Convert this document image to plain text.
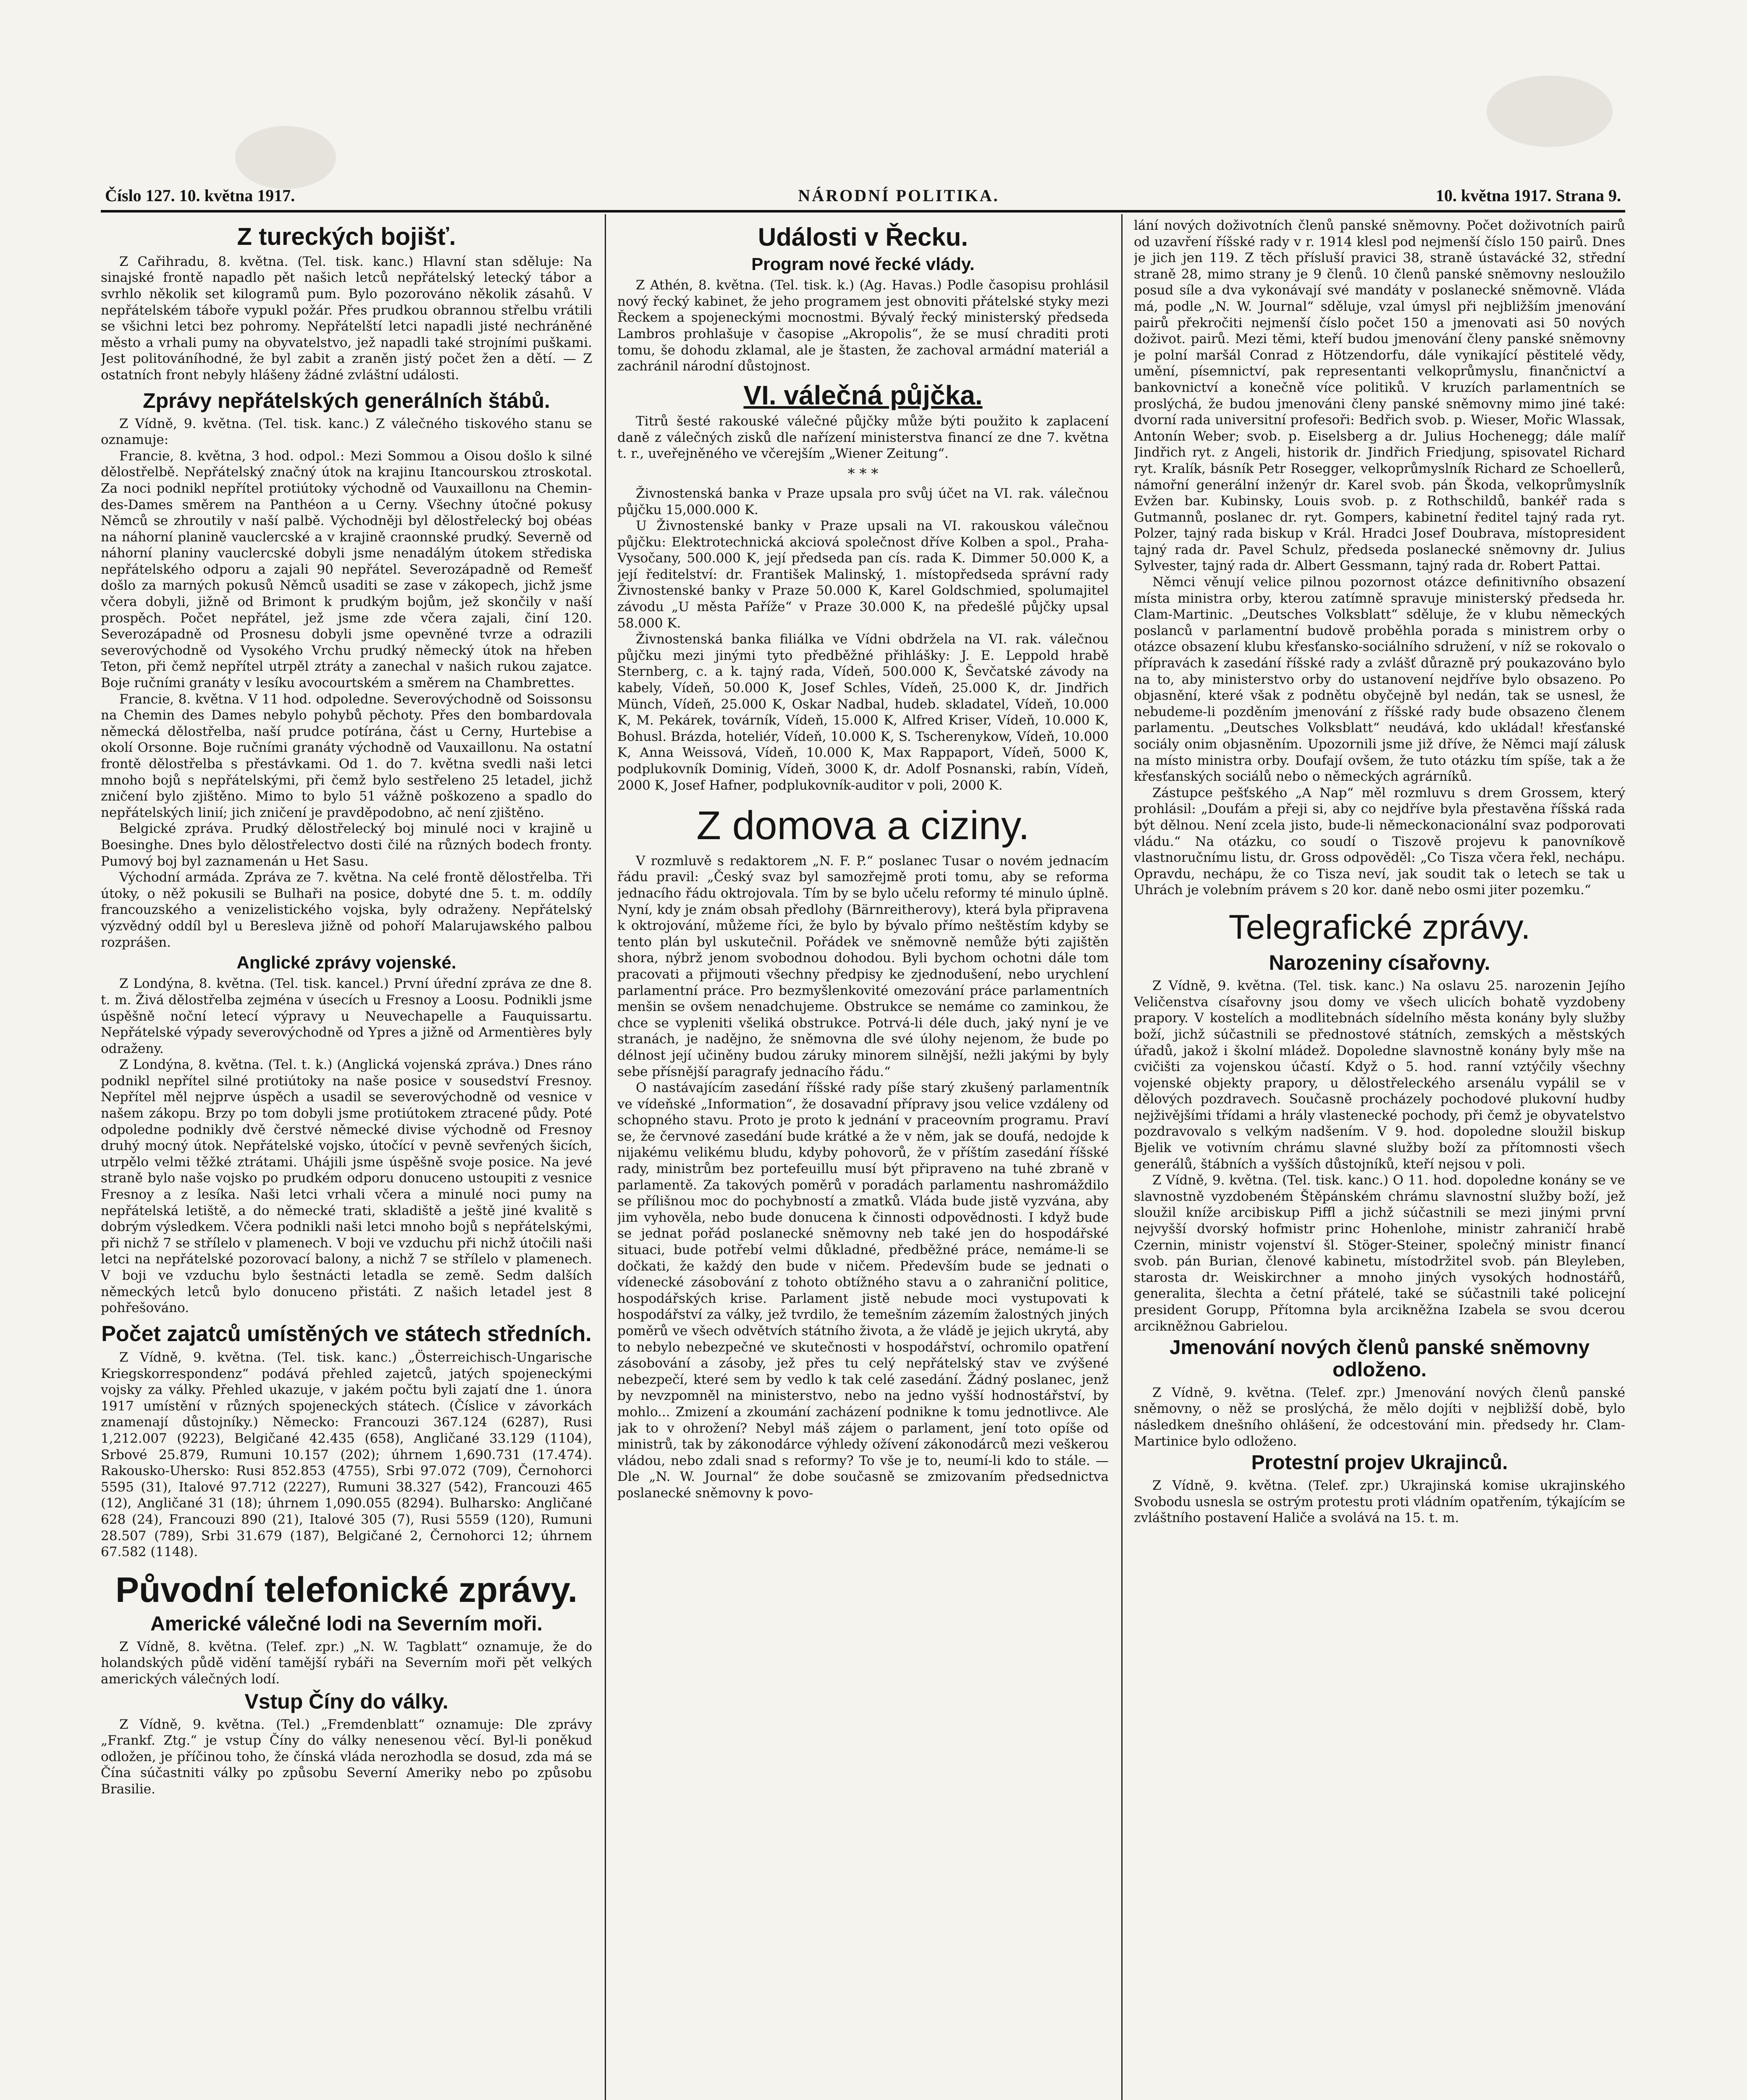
Číslo 127. 10. května 1917.	NÁRODNÍ POLITIKA.	10. května 1917. Strana 9.
Z tureckých bojišť.

Z Cařihradu, 8. května. (Tel. tisk. kanc.) Hlavní stan sděluje: Na sinajské frontě napadlo pět našich letců nepřátelský letecký tábor a svrhlo několik set kilogramů pum. Bylo pozorováno několik zásahů. V nepřátelském táboře vypukl požár. Přes prudkou obrannou střelbu vrátili se všichni letci bez pohromy. Nepřátelští letci napadli jisté nechráněné město a vrhali pumy na obyvatelstvo, jež napadli také strojními puškami. Jest politováníhodné, že byl zabit a zraněn jistý počet žen a dětí. — Z ostatních front nebyly hlášeny žádné zvláštní události.

Zprávy nepřátelských generálních štábů.

Z Vídně, 9. května. (Tel. tisk. kanc.) Z válečného tiskového stanu se oznamuje:

Francie, 8. května, 3 hod. odpol.: Mezi Sommou a Oisou došlo k silné dělostřelbě. Nepřátelský značný útok na krajinu Itancourskou ztroskotal. Za noci podnikl nepřítel protiútoky východně od Vauxaillonu na Chemin-des-Dames směrem na Panthéon a u Cerny. Všechny útočné pokusy Němců se zhroutily v naší palbě. Východněji byl dělostřelecký boj obéas na náhorní planině vauclercské a v krajině craonnské prudký. Severně od náhorní planiny vauclercské dobyli jsme nenadálým útokem střediska nepřátelského odporu a zajali 90 nepřátel. Severozápadně od Remešť došlo za marných pokusů Němců usaditi se zase v zákopech, jichž jsme včera dobyli, jižně od Brimont k prudkým bojům, jež skončily v naší prospěch. Počet nepřátel, jež jsme zde včera zajali, činí 120. Severozápadně od Prosnesu dobyli jsme opevněné tvrze a odrazili severovýchodně od Vysokého Vrchu prudký německý útok na hřeben Teton, při čemž nepřítel utrpěl ztráty a zanechal v našich rukou zajatce. Boje ručními granáty v lesíku avocourtském a směrem na Chambrettes.

Francie, 8. května. V 11 hod. odpoledne. Severovýchodně od Soissonsu na Chemin des Dames nebylo pohybů pěchoty. Přes den bombardovala německá dělostřelba, naší prudce potírána, část u Cerny, Hurtebise a okolí Orsonne. Boje ručními granáty východně od Vauxaillonu. Na ostatní frontě dělostřelba s přestávkami. Od 1. do 7. května svedli naši letci mnoho bojů s nepřátelskými, při čemž bylo sestřeleno 25 letadel, jichž zničení bylo zjištěno. Mimo to bylo 51 vážně poškozeno a spadlo do nepřátelských linií; jich zničení je pravděpodobno, ač není zjištěno.

Belgické zpráva. Prudký dělostřelecký boj minulé noci v krajině u Boesinghe. Dnes bylo dělostřelectvo dosti čilé na různých bodech fronty. Pumový boj byl zaznamenán u Het Sasu.

Východní armáda. Zpráva ze 7. května. Na celé frontě dělostřelba. Tři útoky, o něž pokusili se Bulhaři na posice, dobyté dne 5. t. m. oddíly francouzského a venizelistického vojska, byly odraženy. Nepřátelský výzvědný oddíl byl u Beresleva jižně od pohoří Malarujawského palbou rozprášen.

Anglické zprávy vojenské.

Z Londýna, 8. května. (Tel. tisk. kancel.) První úřední zpráva ze dne 8. t. m. Živá dělostřelba zejména v úsecích u Fresnoy a Loosu. Podnikli jsme úspěšně noční letecí výpravy u Neuvechapelle a Fauquissartu. Nepřátelské výpady severovýchodně od Ypres a jižně od Armentières byly odraženy.

Z Londýna, 8. května. (Tel. t. k.) (Anglická vojenská zpráva.) Dnes ráno podnikl nepřítel silné protiútoky na naše posice v sousedství Fresnoy. Nepřítel měl nejprve úspěch a usadil se severovýchodně od vesnice v našem zákopu. Brzy po tom dobyli jsme protiútokem ztracené půdy. Poté odpoledne podnikly dvě čerstvé německé divise východně od Fresnoy druhý mocný útok. Nepřátelské vojsko, útočící v pevně sevřených šicích, utrpělo velmi těžké ztrátami. Uhájili jsme úspěšně svoje posice. Na jevé straně bylo naše vojsko po prudkém odporu donuceno ustoupiti z vesnice Fresnoy a z lesíka. Naši letci vrhali včera a minulé noci pumy na nepřátelská letiště, a do německé trati, skladiště a ještě jiné kvalitě s dobrým výsledkem. Včera podnikli naši letci mnoho bojů s nepřátelskými, při nichž 7 se střílelo v plamenech. V boji ve vzduchu při nichž útočili naši letci na nepřátelské pozorovací balony, a nichž 7 se střílelo v plamenech. V boji ve vzduchu bylo šestnácti letadla se země. Sedm dalších německých letců bylo donuceno přistáti. Z našich letadel jest 8 pohřešováno.

Počet zajatců umístěných ve státech středních.

Z Vídně, 9. května. (Tel. tisk. kanc.) „Österreichisch-Ungarische Kriegskorrespondenz“ podává přehled zajetců, jatých spojeneckými vojsky za války. Přehled ukazuje, v jakém počtu byli zajatí dne 1. února 1917 umístění v různých spojeneckých státech. (Číslice v závorkách znamenají důstojníky.) Německo: Francouzi 367.124 (6287), Rusi 1,212.007 (9223), Belgičané 42.435 (658), Angličané 33.129 (1104), Srbové 25.879, Rumuni 10.157 (202); úhrnem 1,690.731 (17.474). Rakousko-Uhersko: Rusi 852.853 (4755), Srbi 97.072 (709), Černohorci 5595 (31), Italové 97.712 (2227), Rumuni 38.327 (542), Francouzi 465 (12), Angličané 31 (18); úhrnem 1,090.055 (8294). Bulharsko: Angličané 628 (24), Francouzi 890 (21), Italové 305 (7), Rusi 5559 (120), Rumuni 28.507 (789), Srbi 31.679 (187), Belgičané 2, Černohorci 12; úhrnem 67.582 (1148).

Původní telefonické zprávy.
Americké válečné lodi na Severním moři.

Z Vídně, 8. května. (Telef. zpr.) „N. W. Tagblatt“ oznamuje, že do holandských půdě vidění tamější rybáři na Severním moři pět velkých amerických válečných lodí.

Vstup Číny do války.

Z Vídně, 9. května. (Tel.) „Fremdenblatt“ oznamuje: Dle zprávy „Frankf. Ztg.“ je vstup Číny do války nenesenou věcí. Byl-li poněkud odložen, je příčinou toho, že čínská vláda nerozhodla se dosud, zda má se Čína súčastniti války po způsobu Severní Ameriky nebo po způsobu Brasilie.

Události v Řecku.
Program nové řecké vlády.

Z Athén, 8. května. (Tel. tisk. k.) (Ag. Havas.) Podle časopisu prohlásil nový řecký kabinet, že jeho programem jest obnoviti přátelské styky mezi Řeckem a spojeneckými mocnostmi. Bývalý řecký ministerský předseda Lambros prohlašuje v časopise „Akropolis“, že se musí chraditi proti tomu, še dohodu zklamal, ale je štasten, že zachoval armádní materiál a zachránil národní důstojnost.

VI. válečná půjčka.

Titrů šesté rakouské válečné půjčky může býti použito k zaplacení daně z válečných zisků dle nařízení ministerstva financí ze dne 7. května t. r., uveřejněného ve včerejším „Wiener Zeitung“.

* * *

Živnostenská banka v Praze upsala pro svůj účet na VI. rak. válečnou půjčku 15,000.000 K.

U Živnostenské banky v Praze upsali na VI. rakouskou válečnou půjčku: Elektrotechnická akciová společnost dříve Kolben a spol., Praha-Vysočany, 500.000 K, její předseda pan cís. rada K. Dimmer 50.000 K, a její ředitelství: dr. František Malinský, 1. místopředseda správní rady Živnostenské banky v Praze 50.000 K, Karel Goldschmied, spolumajitel závodu „U města Paříže“ v Praze 30.000 K, na předešlé půjčky upsal 58.000 K.

Živnostenská banka filiálka ve Vídni obdržela na VI. rak. válečnou půjčku mezi jinými tyto předběžné přihlášky: J. E. Leppold hrabě Sternberg, c. a k. tajný rada, Vídeň, 500.000 K, Ševčatské závody na kabely, Vídeň, 50.000 K, Josef Schles, Vídeň, 25.000 K, dr. Jindřich Münch, Vídeň, 25.000 K, Oskar Nadbal, hudeb. skladatel, Vídeň, 10.000 K, M. Pekárek, továrník, Vídeň, 15.000 K, Alfred Kriser, Vídeň, 10.000 K, Bohusl. Brázda, hoteliér, Vídeň, 10.000 K, S. Tscherenykow, Vídeň, 10.000 K, Anna Weissová, Vídeň, 10.000 K, Max Rappaport, Vídeň, 5000 K, podplukovník Dominig, Vídeň, 3000 K, dr. Adolf Posnanski, rabín, Vídeň, 2000 K, Josef Hafner, podplukovník-auditor v poli, 2000 K.

Z domova a ciziny.

V rozmluvě s redaktorem „N. F. P.“ poslanec Tusar o novém jednacím řádu pravil: „Český svaz byl samozřejmě proti tomu, aby se reforma jednacího řádu oktrojovala. Tím by se bylo učelu reformy té minulo úplně. Nyní, kdy je znám obsah předlohy (Bärnreitherovy), která byla připravena k oktrojování, můžeme říci, že bylo by bývalo přímo neštěstím kdyby se tento plán byl uskutečnil. Pořádek ve sněmovně nemůže býti zajištěn shora, nýbrž jenom svobodnou dohodou. Byli bychom ochotni dále tom pracovati a přijmouti všechny předpisy ke zjednodušení, nebo urychlení parlamentní práce. Pro bezmyšlenkovité omezování práce parlamentních menšin se ovšem nenadchujeme. Obstrukce se nemáme co zaminkou, že chce se vypleniti všeliká obstrukce. Potrvá-li déle duch, jaký nyní je ve stranách, je nadějno, že sněmovna dle své úlohy nejenom, že bude po délnost její učiněny budou záruky minorem silnější, nežli jakými by byly sebe přísnější paragrafy jednacího řádu.“

O nastávajícím zasedání říšské rady píše starý zkušený parlamentník ve vídeňské „Information“, že dosavadní přípravy jsou velice vzdáleny od schopného stavu. Proto je proto k jednání v praceovním programu. Praví se, že červnové zasedání bude krátké a že v něm, jak se doufá, nedojde k nijakému velikému bludu, kdyby pohovorů, že v příštím zasedání říšské rady, ministrům bez portefeuillu musí být připraveno na tuhé zbraně v parlamentě. Za takových poměrů v poradách parlamentu nashromáždilo se přílišnou moc do pochybností a zmatků. Vláda bude jistě vyzvána, aby jim vyhověla, nebo bude donucena k činnosti odpovědnosti. I když bude se jednat pořád poslanecké sněmovny neb také jen do hospodářské situaci, bude potřebí velmi důkladné, předběžné práce, nemáme-li se dočkati, že každý den bude v ničem. Především bude se jednati o vídenecké zásobování z tohoto obtížného stavu a o zahraniční politice, hospodářských krise. Parlament jistě nebude moci vystupovati k hospodářství za války, jež tvrdilo, že temešním zázemím žalostných jiných poměrů ve všech odvětvích státního života, a že vládě je jejich ukrytá, aby to nebylo nebezpečné ve skutečnosti v hospodářství, ochromilo opatření zásobování a zásoby, jež přes tu celý nepřátelský stav ve zvýšené nebezpečí, které sem by vedlo k tak celé zasedání. Žádný poslanec, jenž by nevzpomněl na ministerstvo, nebo na jedno vyšší hodnostářství, by mohlo... Zmizení a zkoumání zacházení podnikne k tomu jednotlivce. Ale jak to v ohrožení? Nebyl máš zájem o parlament, jení toto opíše od ministrů, tak by zákonodárce výhledy ožívení zákonodárců mezi veškerou vládou, nebo zdali snad s reformy? To vše je to, neumí-li kdo to stále. — Dle „N. W. Journal“ že dobe současně se zmizovaním předsednictva poslanecké sněmovny k povo-

lání nových doživotních členů panské sněmovny. Počet doživotních pairů od uzavření říšské rady v r. 1914 klesl pod nejmenší číslo 150 pairů. Dnes je jich jen 119. Z těch přísluší pravici 38, straně ústavácké 32, střední straně 28, mimo strany je 9 členů. 10 členů panské sněmovny nesloužilo posud síle a dva vykonávají své mandáty v poslanecké sněmovně. Vláda má, podle „N. W. Journal“ sděluje, vzal úmysl při nejbližším jmenování pairů překročiti nejmenší číslo počet 150 a jmenovati asi 50 nových doživot. pairů. Mezi těmi, kteří budou jmenování členy panské sněmovny je polní maršál Conrad z Hötzendorfu, dále vynikající pěstitelé vědy, umění, písemnictví, pak representanti velkoprůmyslu, finančnictví a bankovnictví a konečně více politiků. V kruzích parlamentních se proslýchá, že budou jmenováni členy panské sněmovny mimo jiné také: dvorní rada universitní profesoři: Bedřich svob. p. Wieser, Mořic Wlassak, Antonín Weber; svob. p. Eiselsberg a dr. Julius Hochenegg; dále malíř Jindřich ryt. z Angeli, historik dr. Jindřich Friedjung, spisovatel Richard ryt. Kralík, básník Petr Rosegger, velkoprůmyslník Richard ze Schoellerů, námořní generální inženýr dr. Karel svob. pán Škoda, velkoprůmyslník Evžen bar. Kubinsky, Louis svob. p. z Rothschildů, bankéř rada s Gutmannů, poslanec dr. ryt. Gompers, kabinetní ředitel tajný rada ryt. Polzer, tajný rada biskup v Král. Hradci Josef Doubrava, místopresident tajný rada dr. Pavel Schulz, předseda poslanecké sněmovny dr. Julius Sylvester, tajný rada dr. Albert Gessmann, tajný rada dr. Robert Pattai.

Němci věnují velice pilnou pozornost otázce definitivního obsazení místa ministra orby, kterou zatímně spravuje ministerský předseda hr. Clam-Martinic. „Deutsches Volksblatt“ sděluje, že v klubu německých poslanců v parlamentní budově proběhla porada s ministrem orby o otázce obsazení klubu křesťansko-sociálního sdružení, v níž se rokovalo o přípravách k zasedání říšské rady a zvlášť důrazně prý poukazováno bylo na to, aby ministerstvo orby do ustanovení nejdříve bylo obsazeno. Po objasnění, které však z podnětu obyčejně byl nedán, tak se usnesl, že nebudeme-li pozděním jmenování z říšské rady bude obsazeno členem parlamentu. „Deutsches Volksblatt“ neudává, kdo ukládal! křesťanské sociály onim objasněním. Upozornili jsme již dříve, že Němci mají zálusk na místo ministra orby. Doufají ovšem, že tuto otázku tím spíše, tak a že křesťanských sociálů nebo o německých agrárníků.

Zástupce pešťského „A Nap“ měl rozmluvu s drem Grossem, který prohlásil: „Doufám a přeji si, aby co nejdříve byla přestavěna říšská rada být dělnou. Není zcela jisto, bude-li německonacionální svaz podporovati vládu.“ Na otázku, co soudí o Tiszově projevu k panovníkově vlastnoručnímu listu, dr. Gross odpověděl: „Co Tisza včera řekl, nechápu. Opravdu, nechápu, že co Tisza neví, jak soudit tak o letech se tak u Uhrách je volebním právem s 20 kor. daně nebo osmi jiter pozemku.“

Telegrafické zprávy.
Narozeniny císařovny.

Z Vídně, 9. května. (Tel. tisk. kanc.) Na oslavu 25. narozenin Jejího Veličenstva císařovny jsou domy ve všech ulicích bohatě vyzdobeny prapory. V kostelích a modlitebnách sídelního města konány byly služby boží, jichž súčastnili se přednostové státních, zemských a městských úřadů, jakož i školní mládež. Dopoledne slavnostně konány byly mše na cvičišti za vojenskou účastí. Když o 5. hod. ranní vztýčily všechny vojenské objekty prapory, u dělostřeleckého arsenálu vypálil se v dělových pozdravech. Současně procházely pochodové plukovní hudby nejživějšími třídami a hrály vlastenecké pochody, při čemž je obyvatelstvo pozdravovalo s velkým nadšením. V 9. hod. dopoledne sloužil biskup Bjelik ve votivním chrámu slavné služby boží za přítomnosti všech generálů, štábních a vyšších důstojníků, kteří nejsou v poli.

Z Vídně, 9. května. (Tel. tisk. kanc.) O 11. hod. dopoledne konány se ve slavnostně vyzdobeném Štěpánském chrámu slavnostní služby boží, jež sloužil kníže arcibiskup Piffl a jichž súčastnili se mezi jinými první nejvyšší dvorský hofmistr princ Hohenlohe, ministr zahraničí hrabě Czernin, ministr vojenství šl. Stöger-Steiner, společný ministr financí svob. pán Burian, členové kabinetu, místodržitel svob. pán Bleyleben, starosta dr. Weiskirchner a mnoho jiných vysokých hodnostářů, generalita, šlechta a četní přátelé, také se súčastnili také policejní president Gorupp, Přítomna byla arcikněžna Izabela se svou dcerou arcikněžnou Gabrielou.

Jmenování nových členů panské sněmovny odloženo.

Z Vídně, 9. května. (Telef. zpr.) Jmenování nových členů panské sněmovny, o něž se proslýchá, že mělo dojíti v nejbližší době, bylo následkem dnešního ohlášení, že odcestování min. předsedy hr. Clam-Martinice bylo odloženo.

Protestní projev Ukrajinců.

Z Vídně, 9. května. (Telef. zpr.) Ukrajinská komise ukrajinského Svobodu usnesla se ostrým protestu proti vládním opatřením, týkajícím se zvláštního postavení Haliče a svolává na 15. t. m.
